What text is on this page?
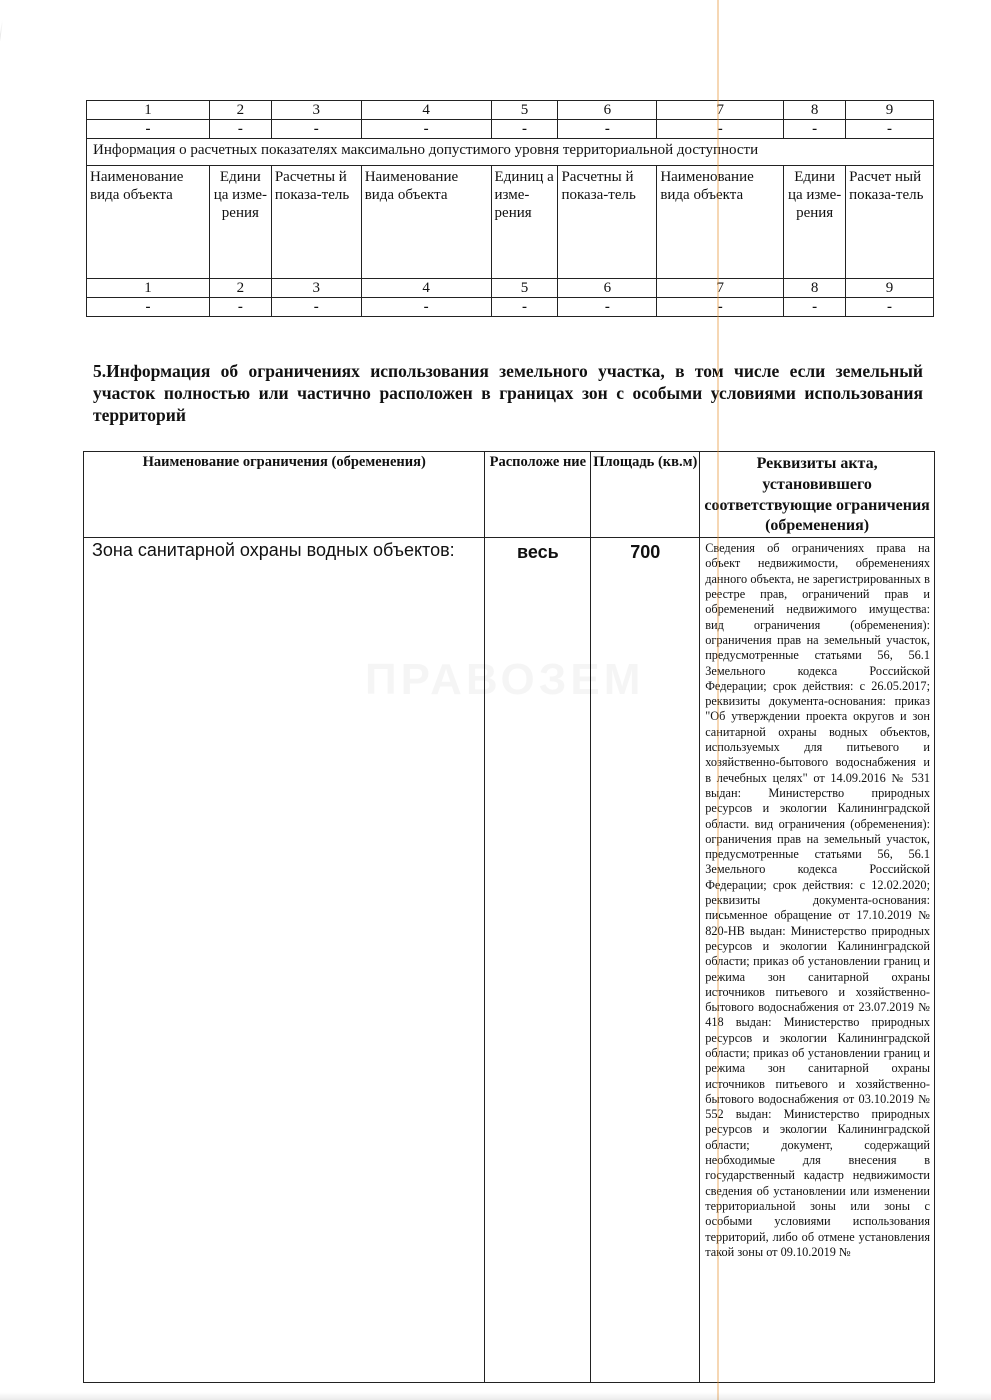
1	2	3	4	5	6	7	8	9
-	-	-	-	-	-	-	-	-
Информация о расчетных показателях максимально допустимого уровня территориальной доступности								
Наименование вида объекта	Едини ца изме-рения	Расчетны й показа-тель	Наименование вида объекта	Единиц а изме-рения	Расчетны й показа-тель	Наименование вида объекта	Едини ца изме-рения	Расчет ный показа-тель
1	2	3	4	5	6	7	8	9
-	-	-	-	-	-	-	-	-
5.Информация об ограничениях использования земельного участка, в том числе если земельный участок полностью или частично расположен в границах зон с особыми условиями использования территорий
Наименование ограничения (обременения)	Расположе ние	Площадь (кв.м)	Реквизиты акта, установившего соответствующие ограничения (обременения)
Зона санитарной охраны водных объектов:	весь	700	Сведения об ограничениях права на объект недвижимости, обременениях данного объекта, не зарегистрированных в реестре прав, ограничений прав и обременений недвижимого имущества: вид ограничения (обременения): ограничения прав на земельный участок, предусмотренные статьями 56, 56.1 Земельного кодекса Российской Федерации; срок действия: с 26.05.2017; реквизиты документа-основания: приказ "Об утверждении проекта округов и зон санитарной охраны водных объектов, используемых для питьевого и хозяйственно-бытового водоснабжения и в лечебных целях" от 14.09.2016 № 531 выдан: Министерство природных ресурсов и экологии Калининградской области. вид ограничения (обременения): ограничения прав на земельный участок, предусмотренные статьями 56, 56.1 Земельного кодекса Российской Федерации; срок действия: с 12.02.2020; реквизиты документа-основания: письменное обращение от 17.10.2019 № 820-НВ выдан: Министерство природных ресурсов и экологии Калининградской области; приказ об установлении границ и режима зон санитарной охраны источников питьевого и хозяйственно-бытового водоснабжения от 23.07.2019 № 418 выдан: Министерство природных ресурсов и экологии Калининградской области; приказ об установлении границ и режима зон санитарной охраны источников питьевого и хозяйственно-бытового водоснабжения от 03.10.2019 № 552 выдан: Министерство природных ресурсов и экологии Калининградской области; документ, содержащий необходимые для внесения в государственный кадастр недвижимости сведения об установлении или изменении территориальной зоны или зоны с особыми условиями использования территорий, либо об отмене установления такой зоны от 09.10.2019 №
